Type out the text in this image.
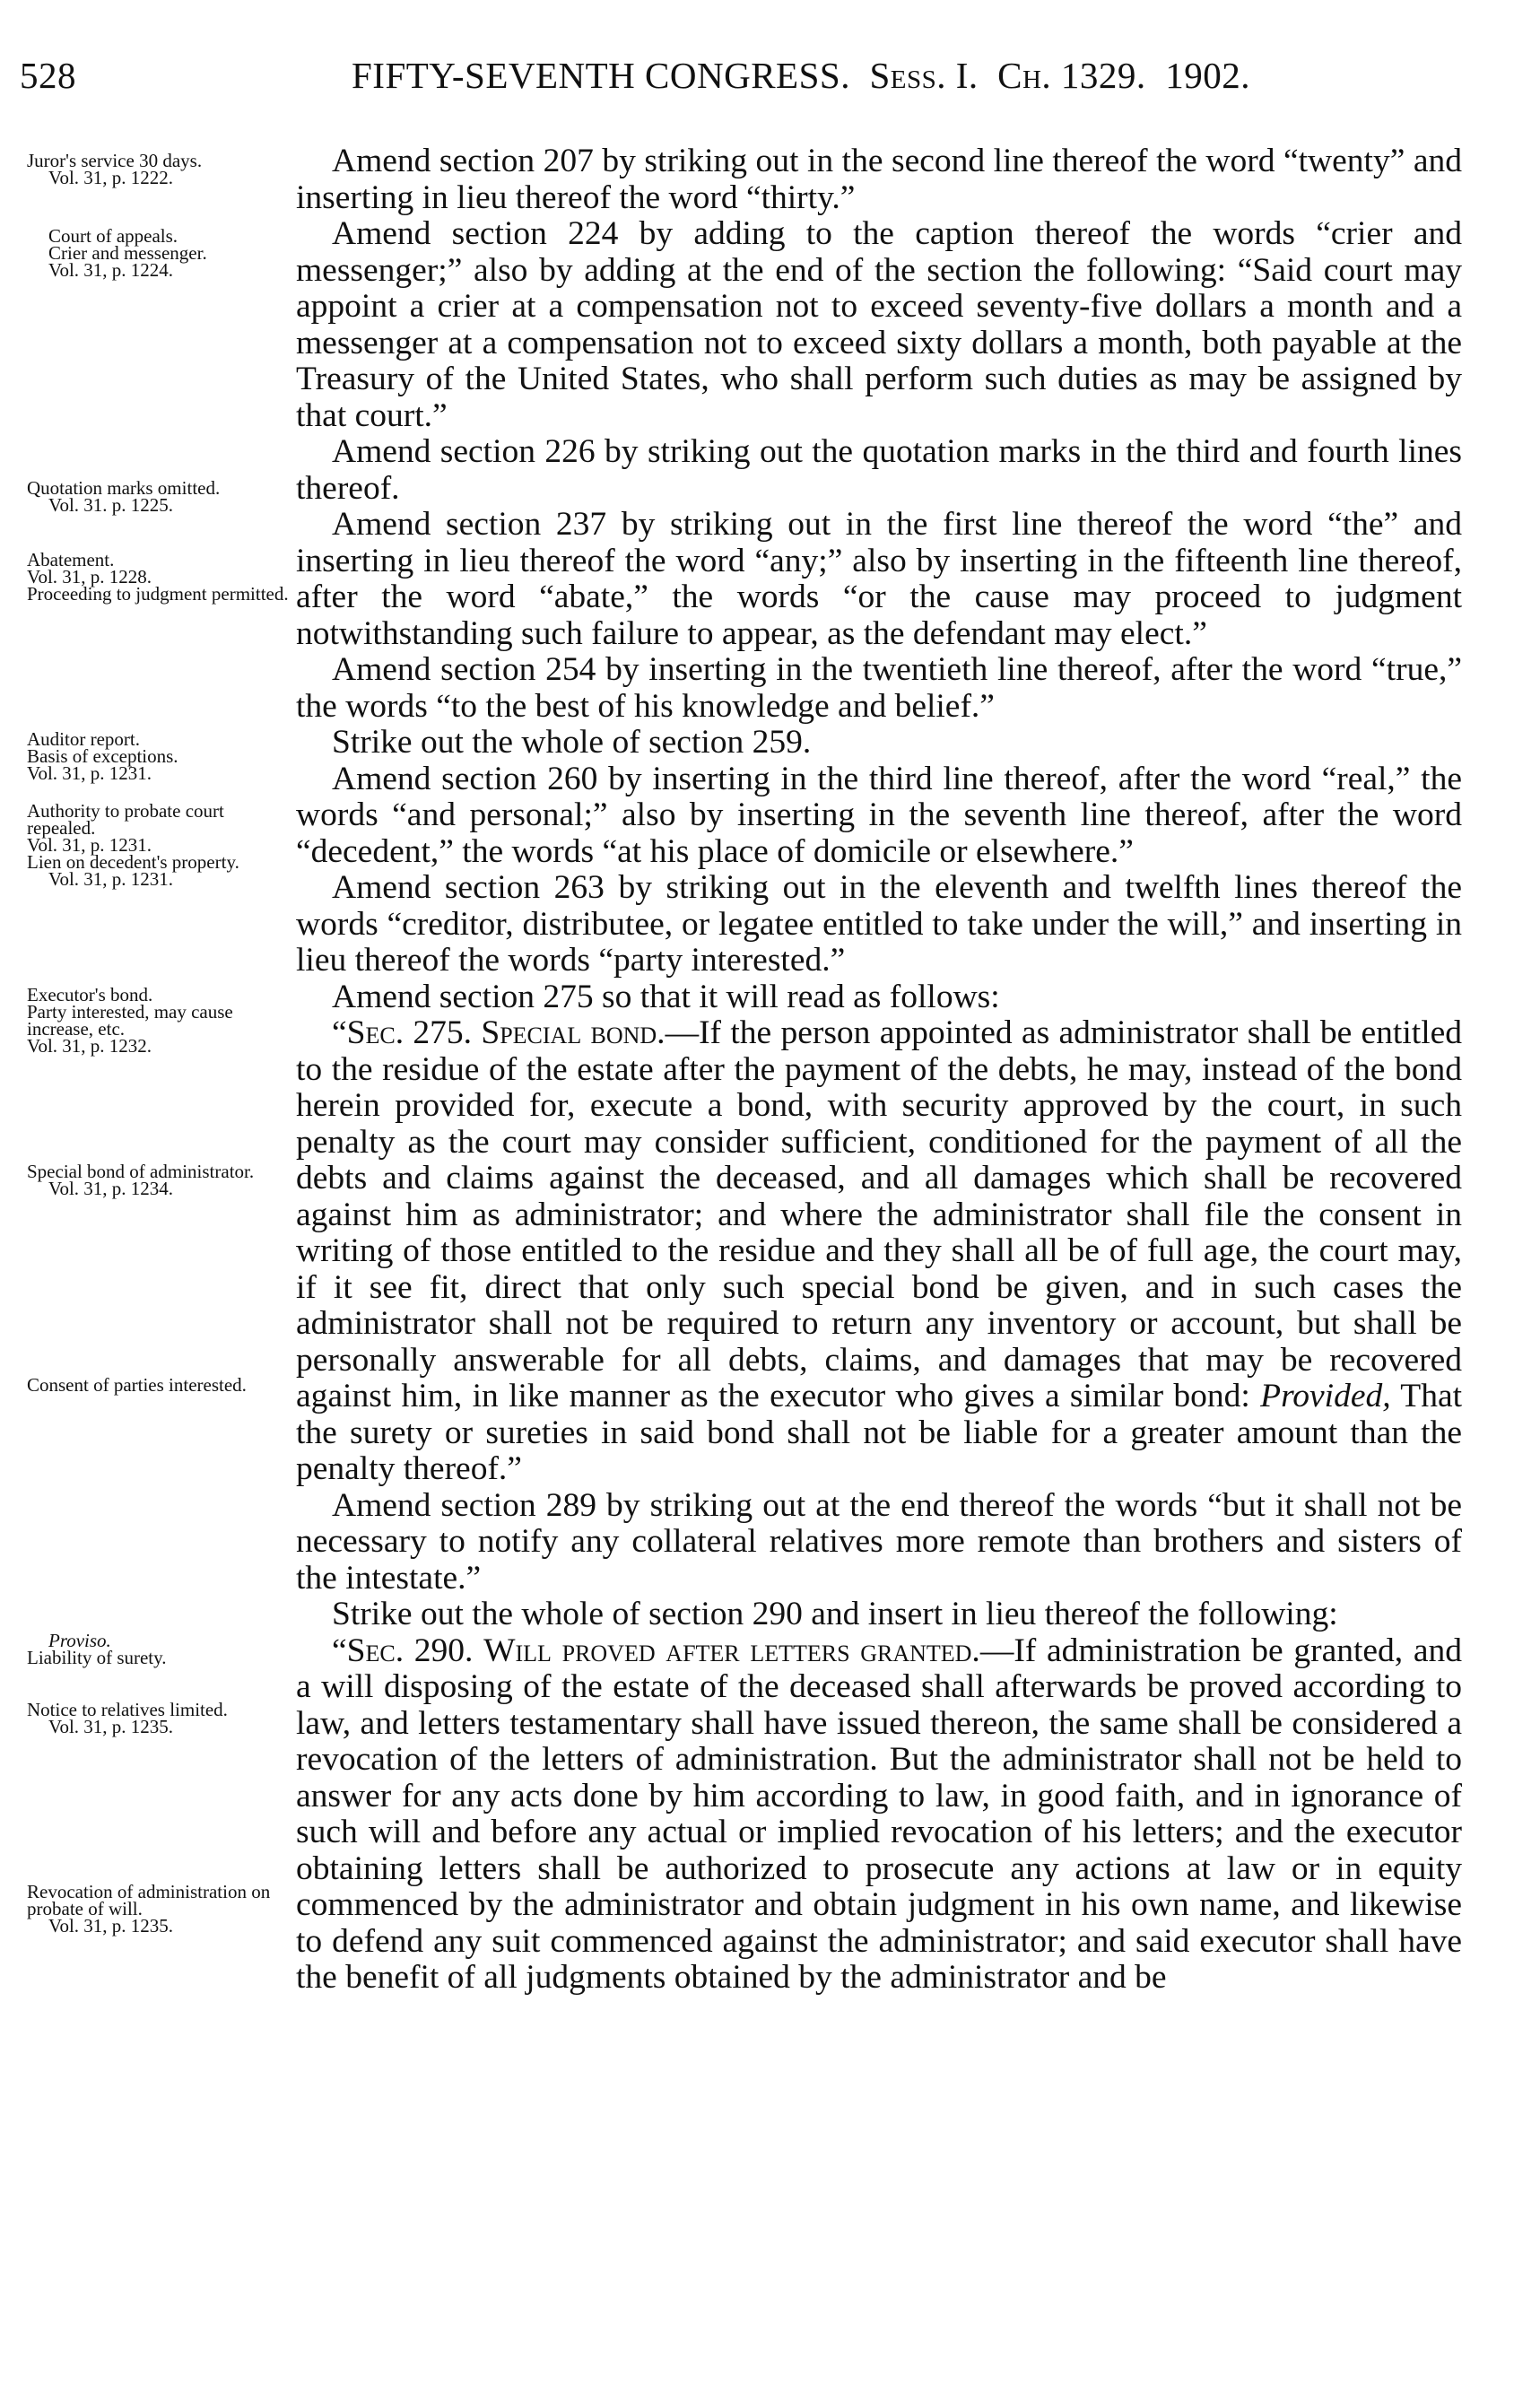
528	FIFTY-SEVENTH CONGRESS. Sess. I. Ch. 1329. 1902.
Juror's service 30 days.
Vol. 31, p. 1222.
Court of appeals.
Crier and messenger.
Vol. 31, p. 1224.
Quotation marks omitted.
Vol. 31. p. 1225.
Abatement.
Vol. 31, p. 1228.
Proceeding to judgment permitted.
Auditor report.
Basis of exceptions.
Vol. 31, p. 1231.
Authority to probate court repealed.
Vol. 31, p. 1231.
Lien on decedent's property.
Vol. 31, p. 1231.
Executor's bond.
Party interested, may cause increase, etc.
Vol. 31, p. 1232.
Special bond of administrator.
Vol. 31, p. 1234.
Consent of parties interested.
Proviso.
Liability of surety.
Notice to relatives limited.
Vol. 31, p. 1235.
Revocation of administration on probate of will.
Vol. 31, p. 1235.

Amend section 207 by striking out in the second line thereof the word “twenty” and inserting in lieu thereof the word “thirty.”

Amend section 224 by adding to the caption thereof the words “crier and messenger;” also by adding at the end of the section the following: “Said court may appoint a crier at a compensation not to exceed seventy-five dollars a month and a messenger at a compensation not to exceed sixty dollars a month, both payable at the Treasury of the United States, who shall perform such duties as may be assigned by that court.”

Amend section 226 by striking out the quotation marks in the third and fourth lines thereof.

Amend section 237 by striking out in the first line thereof the word “the” and inserting in lieu thereof the word “any;” also by inserting in the fifteenth line thereof, after the word “abate,” the words “or the cause may proceed to judgment notwithstanding such failure to appear, as the defendant may elect.”

Amend section 254 by inserting in the twentieth line thereof, after the word “true,” the words “to the best of his knowledge and belief.”

Strike out the whole of section 259.

Amend section 260 by inserting in the third line thereof, after the word “real,” the words “and personal;” also by inserting in the seventh line thereof, after the word “decedent,” the words “at his place of domicile or elsewhere.”

Amend section 263 by striking out in the eleventh and twelfth lines thereof the words “creditor, distributee, or legatee entitled to take under the will,” and inserting in lieu thereof the words “party interested.”

Amend section 275 so that it will read as follows:

“Sec. 275. Special bond.—If the person appointed as administrator shall be entitled to the residue of the estate after the payment of the debts, he may, instead of the bond herein provided for, execute a bond, with security approved by the court, in such penalty as the court may consider sufficient, conditioned for the payment of all the debts and claims against the deceased, and all damages which shall be recovered against him as administrator; and where the administrator shall file the consent in writing of those entitled to the residue and they shall all be of full age, the court may, if it see fit, direct that only such special bond be given, and in such cases the administrator shall not be required to return any inventory or account, but shall be personally answerable for all debts, claims, and damages that may be recovered against him, in like manner as the executor who gives a similar bond: Provided, That the surety or sureties in said bond shall not be liable for a greater amount than the penalty thereof.”

Amend section 289 by striking out at the end thereof the words “but it shall not be necessary to notify any collateral relatives more remote than brothers and sisters of the intestate.”

Strike out the whole of section 290 and insert in lieu thereof the following:

“Sec. 290. Will proved after letters granted.—If administration be granted, and a will disposing of the estate of the deceased shall afterwards be proved according to law, and letters testamentary shall have issued thereon, the same shall be considered a revocation of the letters of administration. But the administrator shall not be held to answer for any acts done by him according to law, in good faith, and in ignorance of such will and before any actual or implied revocation of his letters; and the executor obtaining letters shall be authorized to prosecute any actions at law or in equity commenced by the administrator and obtain judgment in his own name, and likewise to defend any suit commenced against the administrator; and said executor shall have the benefit of all judgments obtained by the administrator and be
